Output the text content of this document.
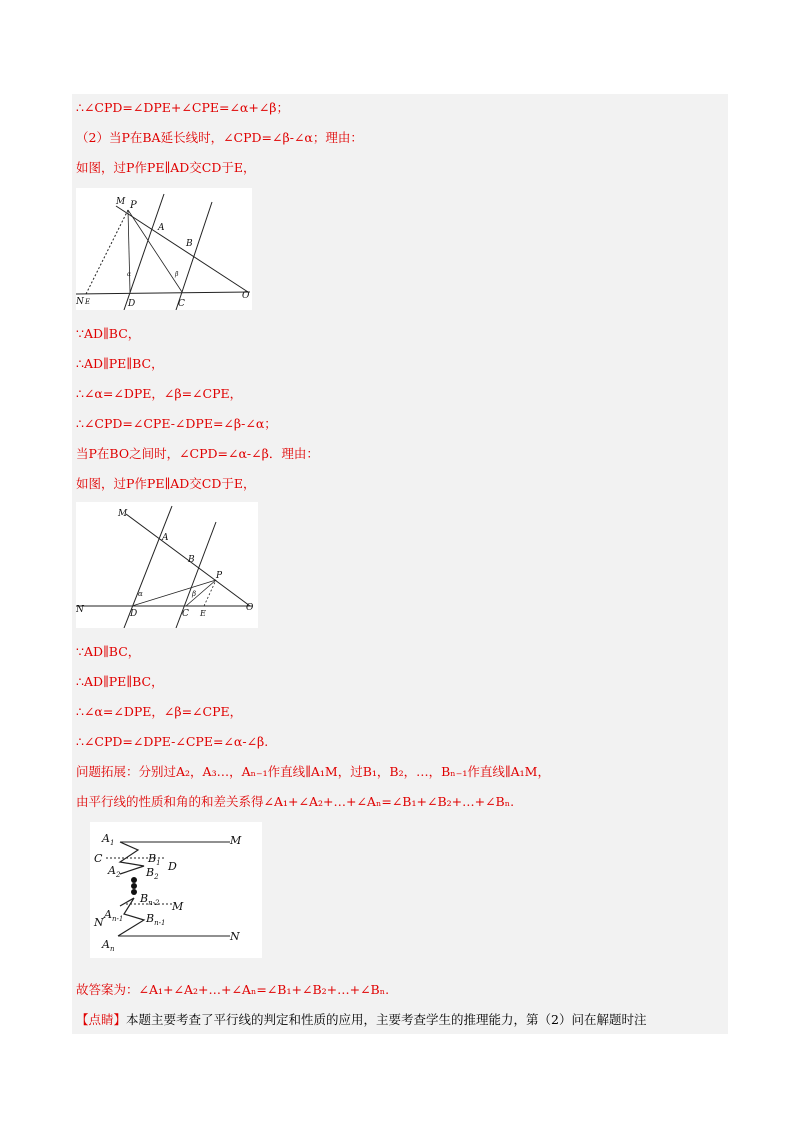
∴∠CPD=∠DPE+∠CPE=∠α+∠β；
（2）当P在BA延长线时，∠CPD=∠β-∠α；理由：
如图，过P作PE∥AD交CD于E，
M P
A
B
N E	D	C
O
α	β
∵AD∥BC，
∴AD∥PE∥BC，
∴∠α=∠DPE，∠β=∠CPE，
∴∠CPD=∠CPE-∠DPE=∠β-∠α；
当P在BO之间时，∠CPD=∠α-∠β．理由：
如图，过P作PE∥AD交CD于E，
M
A
B
P
N	D	C E
O
α	β
∵AD∥BC，
∴AD∥PE∥BC，
∴∠α=∠DPE，∠β=∠CPE，
∴∠CPD=∠DPE-∠CPE=∠α-∠β.
问题拓展：分别过A₂，A₃…，Aₙ₋₁作直线∥A₁M，过B₁，B₂，…，Bₙ₋₁作直线∥A₁M，
由平行线的性质和角的和差关系得∠A₁+∠A₂+…+∠Aₙ=∠B₁+∠B₂+…+∠Bₙ.
$A_1$	M
C	$B_1$ D
$A_2$ $B_2$
$B_{n-2}$ M
N
$A_{n-1}$ $B_{n-1}$
$A_n$
N
故答案为：∠A₁+∠A₂+…+∠Aₙ=∠B₁+∠B₂+…+∠Bₙ.
【点睛】本题主要考查了平行线的判定和性质的应用，主要考查学生的推理能力，第（2）问在解题时注
